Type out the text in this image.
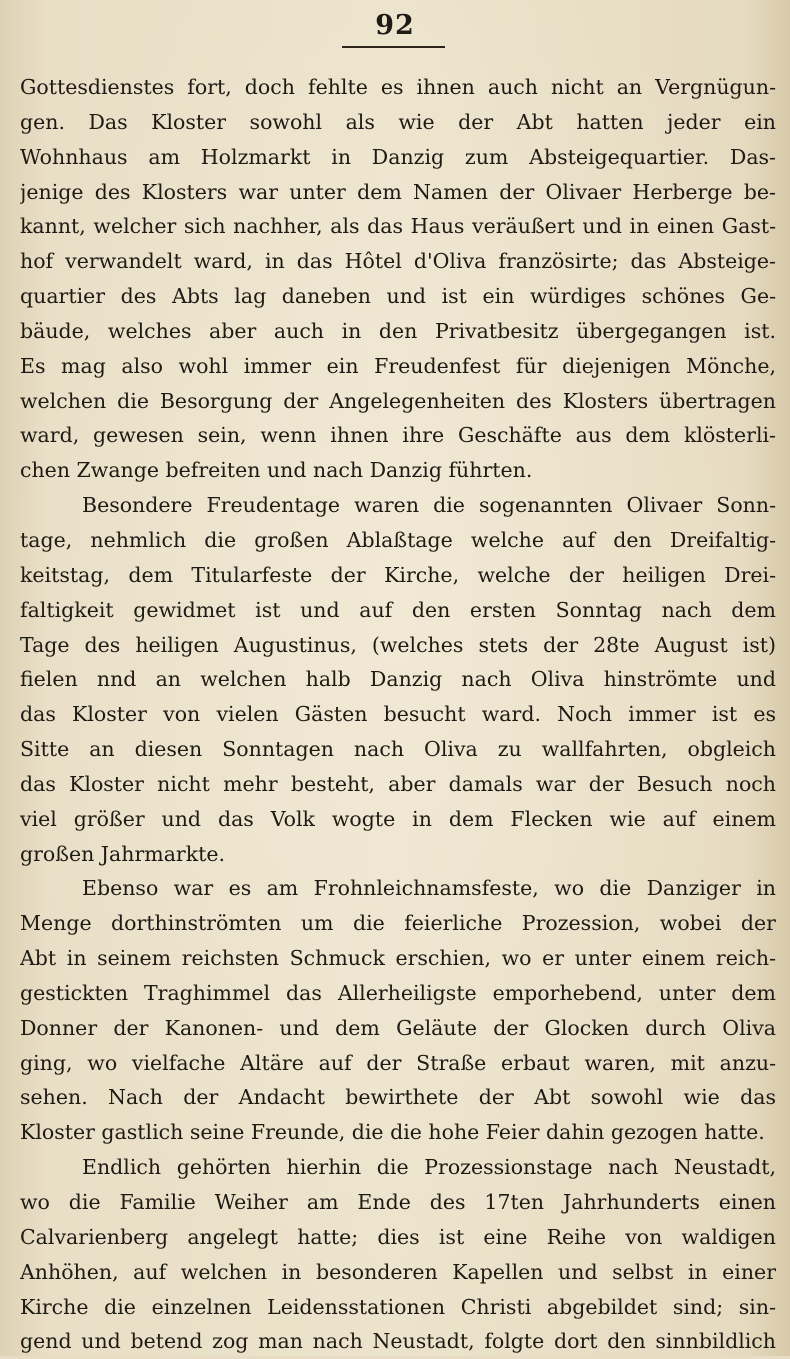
92
Gottesdienstes fort, doch fehlte es ihnen auch nicht an Vergnügun-
gen. Das Kloster sowohl als wie der Abt hatten jeder ein
Wohnhaus am Holzmarkt in Danzig zum Absteigequartier. Das-
jenige des Klosters war unter dem Namen der Olivaer Herberge be-
kannt, welcher sich nachher, als das Haus veräußert und in einen Gast-
hof verwandelt ward, in das Hôtel d'Oliva französirte; das Absteige-
quartier des Abts lag daneben und ist ein würdiges schönes Ge-
bäude, welches aber auch in den Privatbesitz übergegangen ist.
Es mag also wohl immer ein Freudenfest für diejenigen Mönche,
welchen die Besorgung der Angelegenheiten des Klosters übertragen
ward, gewesen sein, wenn ihnen ihre Geschäfte aus dem klösterli-
chen Zwange befreiten und nach Danzig führten.
Besondere Freudentage waren die sogenannten Olivaer Sonn-
tage, nehmlich die großen Ablaßtage welche auf den Dreifaltig-
keitstag, dem Titularfeste der Kirche, welche der heiligen Drei-
faltigkeit gewidmet ist und auf den ersten Sonntag nach dem
Tage des heiligen Augustinus, (welches stets der 28te August ist)
fielen nnd an welchen halb Danzig nach Oliva hinströmte und
das Kloster von vielen Gästen besucht ward. Noch immer ist es
Sitte an diesen Sonntagen nach Oliva zu wallfahrten, obgleich
das Kloster nicht mehr besteht, aber damals war der Besuch noch
viel größer und das Volk wogte in dem Flecken wie auf einem
großen Jahrmarkte.
Ebenso war es am Frohnleichnamsfeste, wo die Danziger in
Menge dorthinströmten um die feierliche Prozession, wobei der
Abt in seinem reichsten Schmuck erschien, wo er unter einem reich-
gestickten Traghimmel das Allerheiligste emporhebend, unter dem
Donner der Kanonen- und dem Geläute der Glocken durch Oliva
ging, wo vielfache Altäre auf der Straße erbaut waren, mit anzu-
sehen. Nach der Andacht bewirthete der Abt sowohl wie das
Kloster gastlich seine Freunde, die die hohe Feier dahin gezogen hatte.
Endlich gehörten hierhin die Prozessionstage nach Neustadt,
wo die Familie Weiher am Ende des 17ten Jahrhunderts einen
Calvarienberg angelegt hatte; dies ist eine Reihe von waldigen
Anhöhen, auf welchen in besonderen Kapellen und selbst in einer
Kirche die einzelnen Leidensstationen Christi abgebildet sind; sin-
gend und betend zog man nach Neustadt, folgte dort den sinnbildlich
